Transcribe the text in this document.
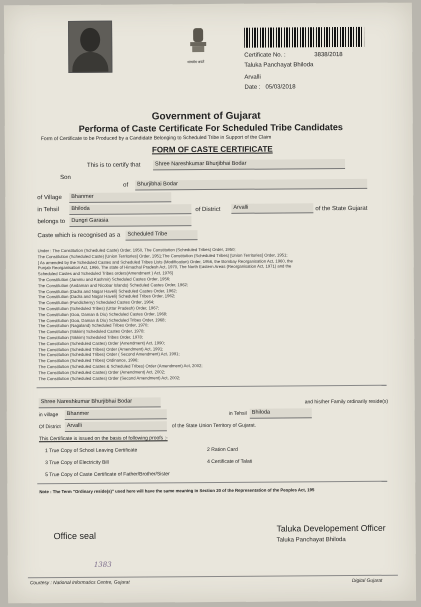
सत्यमेव जयते
Certificate No. :	3838/2018
Taluka Panchayat Bhiloda
Arvalli
Date : 05/03/2018
Government of Gujarat
Performa of Caste Certificate For Scheduled Tribe Candidates
Form of Certificate to be Produced by a Candidate Belonging to Scheduled Tribe in Support of the Claim
FORM OF CASTE CERTIFICATE
This is to certify that	Shree Nareshkumar Bhurjibhai Bodar
Son
of	Bhurjibhai Bodar
of Village	Bhanmer
in Tehsil	Bhiloda	of District	Arvalli	of the State Gujarat
belongs to	Dungri Garasia
Caste which is recognised as a	Scheduled Tribe
Under : The Constitution (Scheduled Caste) Order, 1950, The Constitution (Scheduled Tribes) Order, 1950;
The Constitution (Scheduled Caste) [Union Territories] Order, 1951;The Constitution (Scheduled Tribes) [Union Territories] Order, 1951;
[ As amended by the Scheduled Castes and Scheduled Tribes Lists (Modification) Order, 1956, the Bombay Reorganisation Act, 1960, the
Punjab Reorganisation Act, 1966, The state of Himachal Pradesh Act, 1970, The North Eastern Areas (Reorganisation Act, 1971) and the
Scheduled Castes and Scheduled Tribes orders(Amendment ) Act, 1976]
The Constitution (Jammu and Kashmir) Scheduled Castes Order, 1956;
The Constitution (Andaman and Nicobar Islands) Scheduled Castes Order, 1962;
The Constitution (Dadra and Nagar Haveli) Scheduled Castes Order, 1962;
The Constitution (Dadra and Nagar Haveli) Scheduled Tribes Order, 1962;
The Constitution (Pondicherry) Scheduled Castes Order, 1964;
The Constitution (Scheduled Tribes) (Uttar Pradesh) Order, 1967;
The Constitution (Goa, Daman & Diu) Scheduled Castes Order, 1968;
The Constitution (Goa, Daman & Diu) Scheduled Tribes Order, 1968;
The Constitution (Nagaland) Scheduled Tribes Order, 1970;
The Constitution (Sikkim) Scheduled Castes Order, 1978;
The Constitution (Sikkim) Scheduled Tribes Order, 1978;
The Constitution (Scheduled Castes) Order (Amendment) Act, 1990;
The Constitution (Scheduled Tribes) Order (Amendment) Act, 1991;
The Constitution (Scheduled Tribes) Order ( Second Amendment) Act, 1991;
The Constitution (Scheduled Tribes) Ordinance, 1996;
The Constitution (Scheduled Castes & Scheduled Tribes) Order (Amendment) Act, 2002;
The Constitution (Scheduled Castes) Order (Amendment) Act, 2002;
The Constitution (Scheduled Castes) Order (Second Amendment) Act, 2002;
Shree Nareshkumar Bhurjibhai Bodar	and his/her Family ordinarily reside(s)
in village	Bhanmer	in Tehsil Bhiloda
Of District	Arvalli	of the State Union Territory of Gujarat.
This Certificate is issued on the basis of following proofs :-
1 True Copy of School Leaving Certificate	2 Ration Card
3 True Copy of Electricity Bill	4 Certificate of Talati
5 True Copy of Caste Certificate of Father/Brother/Sister
Note : The Term "Ordinary reside(s)" used here will have the same meaning in Section 20 of the Representation of the Peoples Act, 195
Office seal
Taluka Developement Officer
Taluka Panchayat Bhiloda
1383
Courtesy : National Informatics Centre, Gujarat	Digital Gujarat
